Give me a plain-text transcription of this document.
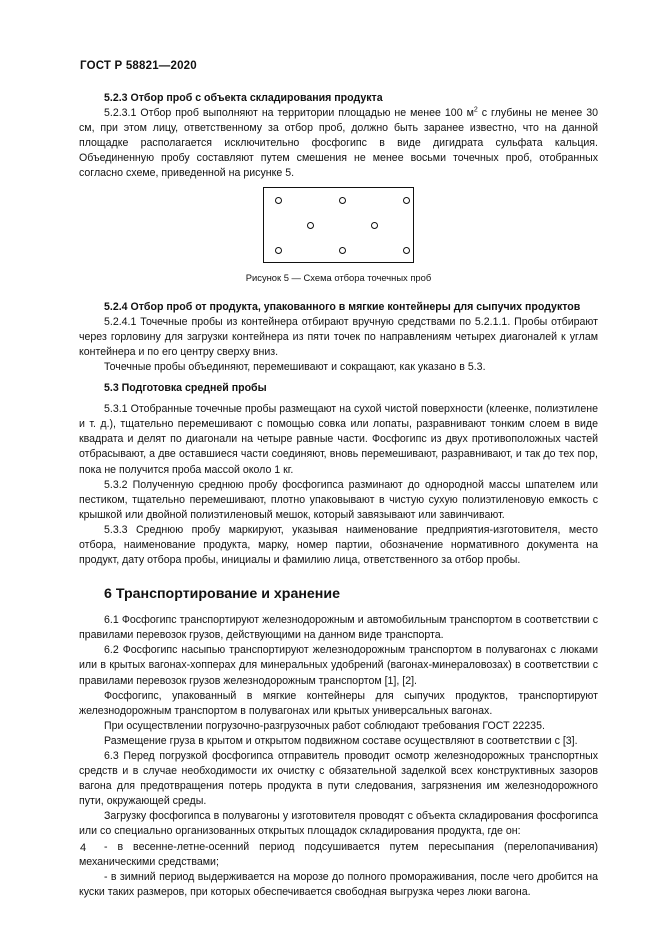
ГОСТ Р 58821—2020

5.2.3 Отбор проб с объекта складирования продукта

5.2.3.1 Отбор проб выполняют на территории площадью не менее 100 $м^2$ с глубины не менее 30 см, при этом лицу, ответственному за отбор проб, должно быть заранее известно, что на данной площадке располагается исключительно фосфогипс в виде дигидрата сульфата кальция. Объединенную пробу составляют путем смешения не менее восьми точечных проб, отобранных согласно схеме, приведенной на рисунке 5.

Рисунок 5 — Схема отбора точечных проб

5.2.4 Отбор проб от продукта, упакованного в мягкие контейнеры для сыпучих продуктов

5.2.4.1 Точечные пробы из контейнера отбирают вручную средствами по 5.2.1.1. Пробы отбирают через горловину для загрузки контейнера из пяти точек по направлениям четырех диагоналей к углам контейнера и по его центру сверху вниз.

Точечные пробы объединяют, перемешивают и сокращают, как указано в 5.3.

5.3 Подготовка средней пробы

5.3.1 Отобранные точечные пробы размещают на сухой чистой поверхности (клеенке, полиэтилене и т. д.), тщательно перемешивают с помощью совка или лопаты, разравнивают тонким слоем в виде квадрата и делят по диагонали на четыре равные части. Фосфогипс из двух противоположных частей отбрасывают, а две оставшиеся части соединяют, вновь перемешивают, разравнивают, и так до тех пор, пока не получится проба массой около 1 кг.

5.3.2 Полученную среднюю пробу фосфогипса разминают до однородной массы шпателем или пестиком, тщательно перемешивают, плотно упаковывают в чистую сухую полиэтиленовую емкость с крышкой или двойной полиэтиленовый мешок, который завязывают или завинчивают.

5.3.3 Среднюю пробу маркируют, указывая наименование предприятия-изготовителя, место отбора, наименование продукта, марку, номер партии, обозначение нормативного документа на продукт, дату отбора пробы, инициалы и фамилию лица, ответственного за отбор пробы.

6 Транспортирование и хранение

6.1 Фосфогипс транспортируют железнодорожным и автомобильным транспортом в соответствии с правилами перевозок грузов, действующими на данном виде транспорта.

6.2 Фосфогипс насыпью транспортируют железнодорожным транспортом в полувагонах с люками или в крытых вагонах-хопперах для минеральных удобрений (вагонах-минераловозах) в соответствии с правилами перевозок грузов железнодорожным транспортом [1], [2].

Фосфогипс, упакованный в мягкие контейнеры для сыпучих продуктов, транспортируют железнодорожным транспортом в полувагонах или крытых универсальных вагонах.

При осуществлении погрузочно-разгрузочных работ соблюдают требования ГОСТ 22235.

Размещение груза в крытом и открытом подвижном составе осуществляют в соответствии с [3].

6.3 Перед погрузкой фосфогипса отправитель проводит осмотр железнодорожных транспортных средств и в случае необходимости их очистку с обязательной заделкой всех конструктивных зазоров вагона для предотвращения потерь продукта в пути следования, загрязнения им железнодорожного пути, окружающей среды.

Загрузку фосфогипса в полувагоны у изготовителя проводят с объекта складирования фосфогипса или со специально организованных открытых площадок складирования продукта, где он:

- в весенне-летне-осенний период подсушивается путем пересыпания (перелопачивания) механическими средствами;

- в зимний период выдерживается на морозе до полного промораживания, после чего дробится на куски таких размеров, при которых обеспечивается свободная выгрузка через люки вагона.

4
